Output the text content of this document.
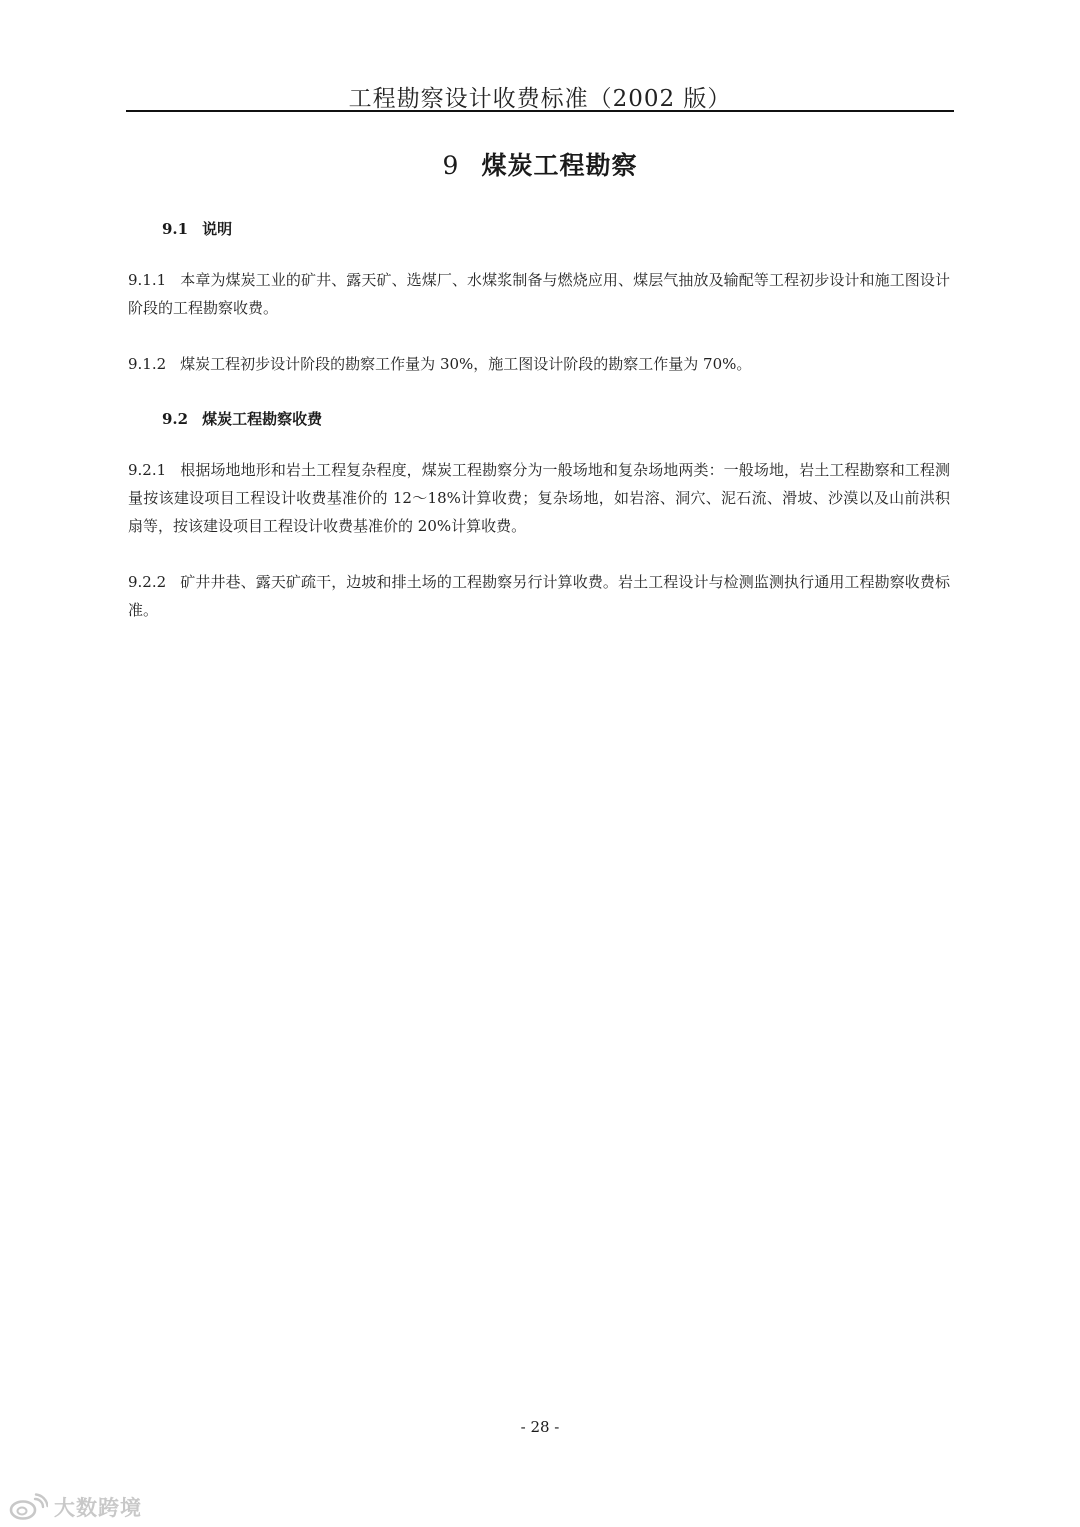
工程勘察设计收费标准（2002 版）
9 煤炭工程勘察
9.1 说明
9.1.1 本章为煤炭工业的矿井、露天矿、选煤厂、水煤浆制备与燃烧应用、煤层气抽放及输配等工程初步设计和施工图设计阶段的工程勘察收费。
9.1.2 煤炭工程初步设计阶段的勘察工作量为 30%，施工图设计阶段的勘察工作量为 70%。
9.2 煤炭工程勘察收费
9.2.1 根据场地地形和岩土工程复杂程度，煤炭工程勘察分为一般场地和复杂场地两类：一般场地，岩土工程勘察和工程测量按该建设项目工程设计收费基准价的 12～18%计算收费；复杂场地，如岩溶、洞穴、泥石流、滑坡、沙漠以及山前洪积扇等，按该建设项目工程设计收费基准价的 20%计算收费。
9.2.2 矿井井巷、露天矿疏干，边坡和排土场的工程勘察另行计算收费。岩土工程设计与检测监测执行通用工程勘察收费标准。
- 28 -
大数跨境
